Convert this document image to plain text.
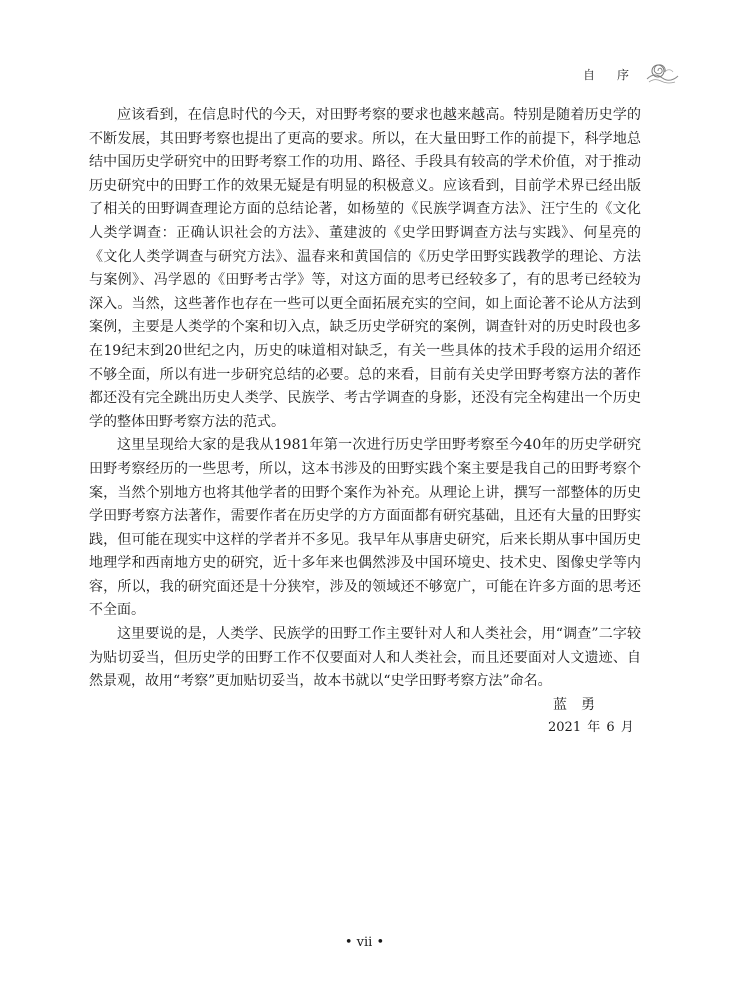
自序

应该看到，在信息时代的今天，对田野考察的要求也越来越高。特别是随着历史学的不断发展，其田野考察也提出了更高的要求。所以，在大量田野工作的前提下，科学地总结中国历史学研究中的田野考察工作的功用、路径、手段具有较高的学术价值，对于推动历史研究中的田野工作的效果无疑是有明显的积极意义。应该看到，目前学术界已经出版了相关的田野调查理论方面的总结论著，如杨堃的《民族学调查方法》、汪宁生的《文化人类学调查：正确认识社会的方法》、董建波的《史学田野调查方法与实践》、何星亮的《文化人类学调查与研究方法》、温春来和黄国信的《历史学田野实践教学的理论、方法与案例》、冯学恩的《田野考古学》等，对这方面的思考已经较多了，有的思考已经较为深入。当然，这些著作也存在一些可以更全面拓展充实的空间，如上面论著不论从方法到案例，主要是人类学的个案和切入点，缺乏历史学研究的案例，调查针对的历史时段也多在19纪末到20世纪之内，历史的味道相对缺乏，有关一些具体的技术手段的运用介绍还不够全面，所以有进一步研究总结的必要。总的来看，目前有关史学田野考察方法的著作都还没有完全跳出历史人类学、民族学、考古学调查的身影，还没有完全构建出一个历史学的整体田野考察方法的范式。

这里呈现给大家的是我从1981年第一次进行历史学田野考察至今40年的历史学研究田野考察经历的一些思考，所以，这本书涉及的田野实践个案主要是我自己的田野考察个案，当然个别地方也将其他学者的田野个案作为补充。从理论上讲，撰写一部整体的历史学田野考察方法著作，需要作者在历史学的方方面面都有研究基础，且还有大量的田野实践，但可能在现实中这样的学者并不多见。我早年从事唐史研究，后来长期从事中国历史地理学和西南地方史的研究，近十多年来也偶然涉及中国环境史、技术史、图像史学等内容，所以，我的研究面还是十分狭窄，涉及的领域还不够宽广，可能在许多方面的思考还不全面。

这里要说的是，人类学、民族学的田野工作主要针对人和人类社会，用“调查”二字较为贴切妥当，但历史学的田野工作不仅要面对人和人类社会，而且还要面对人文遗迹、自然景观，故用“考察”更加贴切妥当，故本书就以“史学田野考察方法”命名。

蓝勇
2021 年 6 月
• vii •
